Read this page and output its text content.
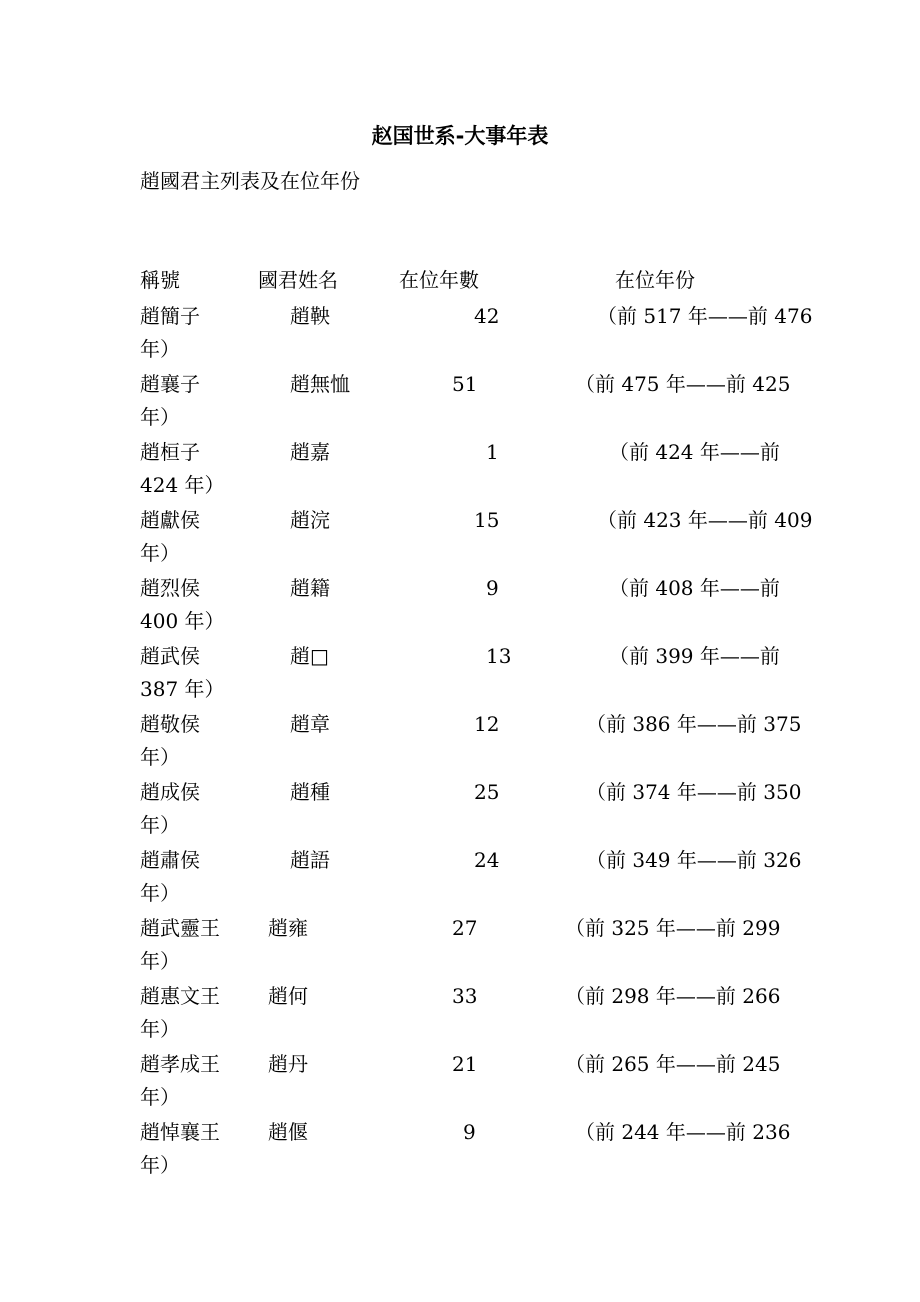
赵国世系-大事年表
趙國君主列表及在位年份
稱號	國君姓名	在位年數	在位年份
趙簡子	趙鞅	42	（前 517 年——前 476
年）
趙襄子	趙無恤	51	（前 475 年——前 425
年）
趙桓子	趙嘉	1	（前 424 年——前
424 年）
趙獻侯	趙浣	15	（前 423 年——前 409
年）
趙烈侯	趙籍	9	（前 408 年——前
400 年）
趙武侯	趙□	13	（前 399 年——前
387 年）
趙敬侯	趙章	12	（前 386 年——前 375
年）
趙成侯	趙種	25	（前 374 年——前 350
年）
趙肅侯	趙語	24	（前 349 年——前 326
年）
趙武靈王 趙雍	27	（前 325 年——前 299
年）
趙惠文王 趙何	33	（前 298 年——前 266
年）
趙孝成王 趙丹	21	（前 265 年——前 245
年）
趙悼襄王 趙偃	9	（前 244 年——前 236
年）
